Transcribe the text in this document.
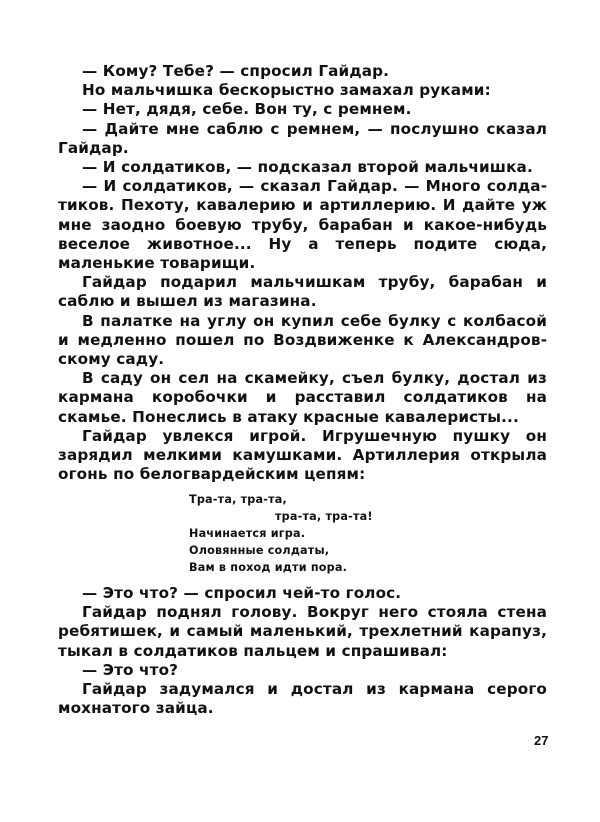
— Кому? Тебе? — спросил Гайдар.

Но мальчишка бескорыстно замахал руками:

— Нет, дядя, себе. Вон ту, с ремнем.

— Дайте мне саблю с ремнем, — послушно сказал Гайдар.

— И солдатиков, — подсказал второй мальчишка.

— И солдатиков, — сказал Гайдар. — Много солдатиков. Пехоту, кавалерию и артиллерию. И дайте уж мне заодно боевую трубу, барабан и какое-нибудь веселое животное... Ну а теперь подите сюда, маленькие товарищи.

Гайдар подарил мальчишкам трубу, барабан и саблю и вышел из магазина.

В палатке на углу он купил себе булку с колбасой и медленно пошел по Воздвиженке к Александровскому саду.

В саду он сел на скамейку, съел булку, достал из кармана коробочки и расставил солдатиков на скамье. Понеслись в атаку красные кавалеристы...

Гайдар увлекся игрой. Игрушечную пушку он зарядил мелкими камушками. Артиллерия открыла огонь по белогвардейским цепям:

Тра-та, тра-та,
тра-та, тра-та!
Начинается игра.
Оловянные солдаты,
Вам в поход идти пора.

— Это что? — спросил чей-то голос.

Гайдар поднял голову. Вокруг него стояла стена ребятишек, и самый маленький, трехлетний карапуз, тыкал в солдатиков пальцем и спрашивал:

— Это что?

Гайдар задумался и достал из кармана серого мохнатого зайца.

27
